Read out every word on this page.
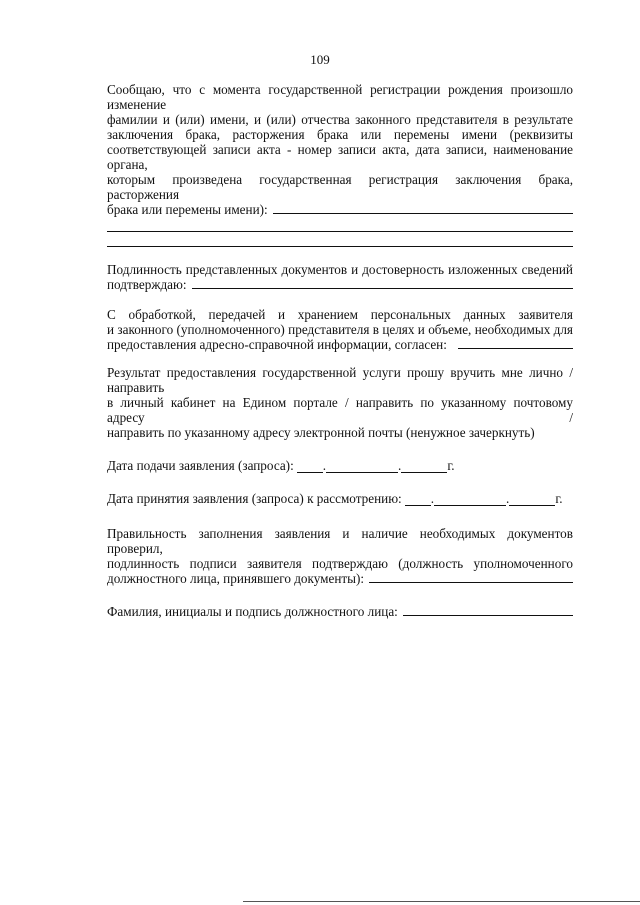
109

Сообщаю, что с момента государственной регистрации рождения произошло изменение

фамилии и (или) имени, и (или) отчества законного представителя в результате

заключения брака, расторжения брака или перемены имени (реквизиты

соответствующей записи акта - номер записи акта, дата записи, наименование органа,

которым произведена государственная регистрация заключения брака, расторжения

брака или перемены имени):

Подлинность представленных документов и достоверность изложенных сведений

подтверждаю:

С обработкой, передачей и хранением персональных данных заявителя

и законного (уполномоченного) представителя в целях и объеме, необходимых для

предоставления адресно-справочной информации, согласен:

Результат предоставления государственной услуги прошу вручить мне лично / направить

в личный кабинет на Едином портале / направить по указанному почтовому адресу /

направить по указанному адресу электронной почты (ненужное зачеркнуть)

Дата подачи заявления (запроса): .	.	г.
Дата принятия заявления (запроса) к рассмотрению: .	.	г.

Правильность заполнения заявления и наличие необходимых документов проверил,

подлинность подписи заявителя подтверждаю (должность уполномоченного

должностного лица, принявшего документы):
Фамилия, инициалы и подпись должностного лица:
